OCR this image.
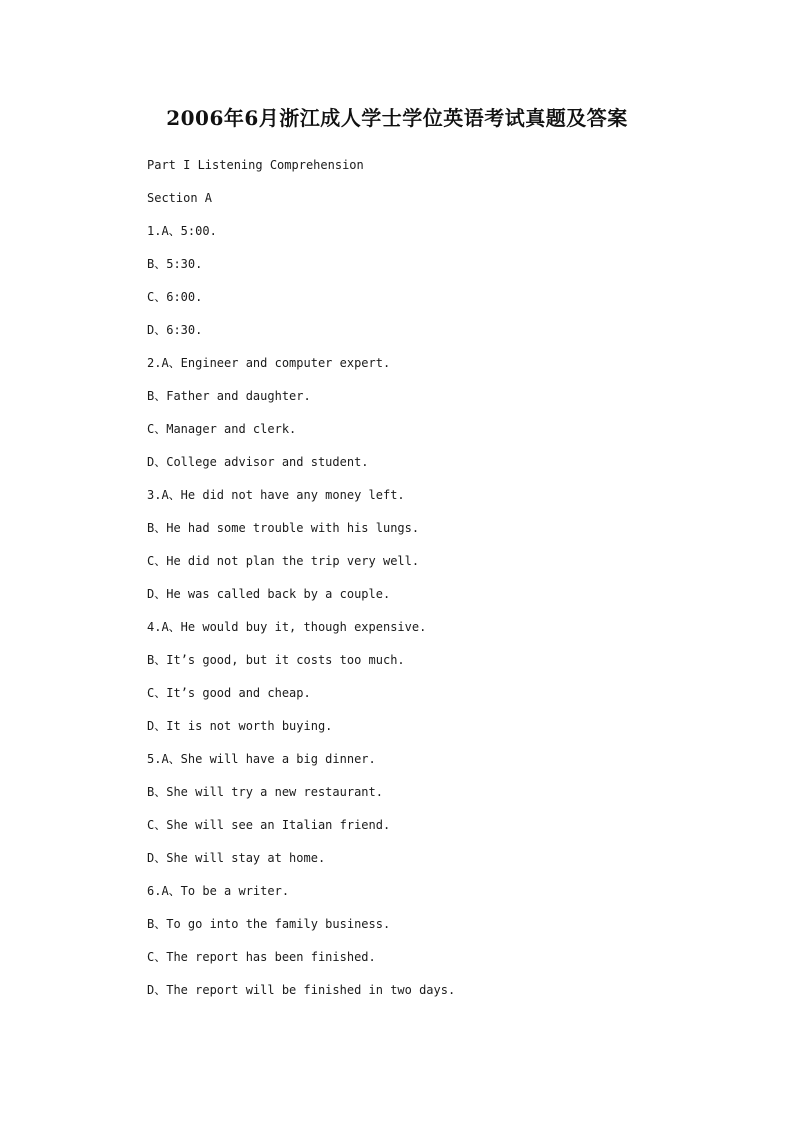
2006年6月浙江成人学士学位英语考试真题及答案
Part I Listening Comprehension
Section A
1.A、5:00.
B、5:30.
C、6:00.
D、6:30.
2.A、Engineer and computer expert.
B、Father and daughter.
C、Manager and clerk.
D、College advisor and student.
3.A、He did not have any money left.
B、He had some trouble with his lungs.
C、He did not plan the trip very well.
D、He was called back by a couple.
4.A、He would buy it, though expensive.
B、It’s good, but it costs too much.
C、It’s good and cheap.
D、It is not worth buying.
5.A、She will have a big dinner.
B、She will try a new restaurant.
C、She will see an Italian friend.
D、She will stay at home.
6.A、To be a writer.
B、To go into the family business.
C、The report has been finished.
D、The report will be finished in two days.
